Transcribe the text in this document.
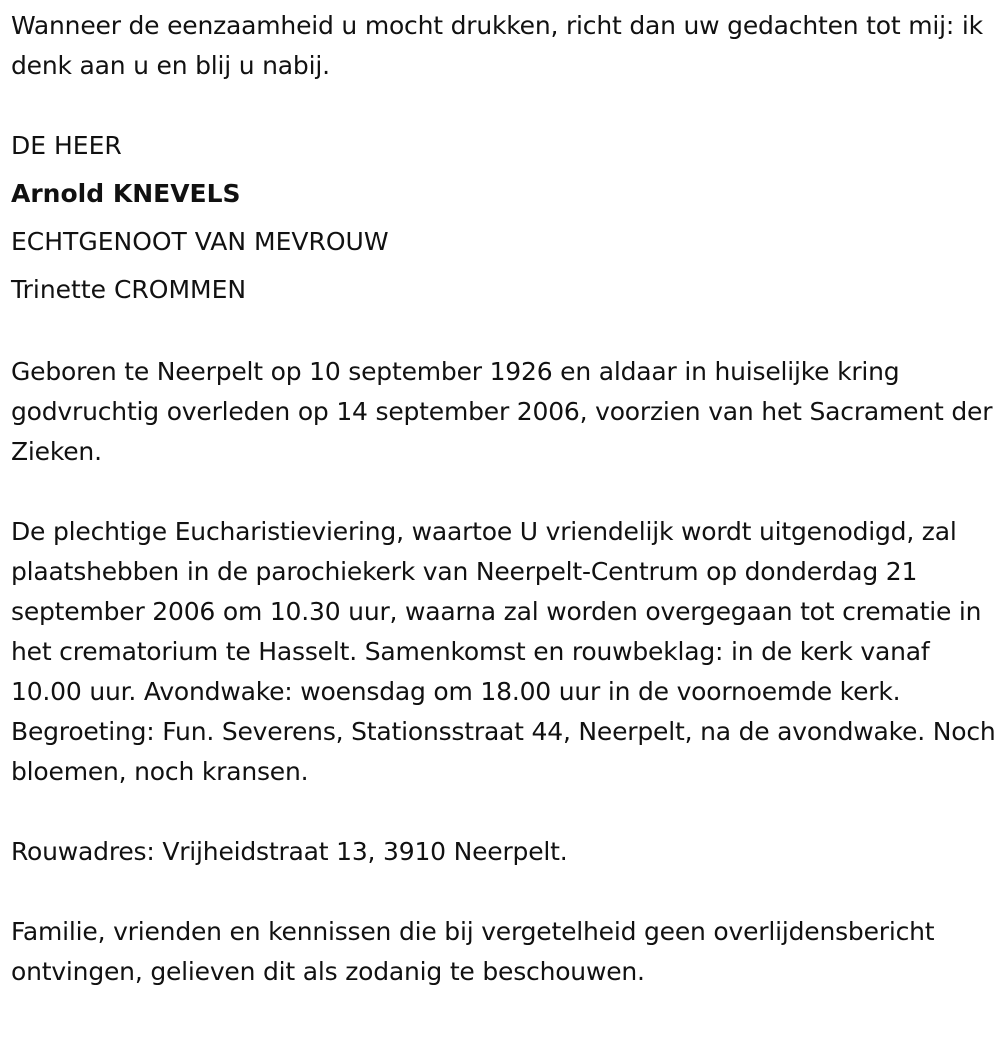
Wanneer de eenzaamheid u mocht drukken, richt dan uw gedachten tot mij: ik denk aan u en blij u nabij.

DE HEER

Arnold KNEVELS

ECHTGENOOT VAN MEVROUW

Trinette CROMMEN

Geboren te Neerpelt op 10 september 1926 en aldaar in huiselijke kring godvruchtig overleden op 14 september 2006, voorzien van het Sacrament der Zieken.

De plechtige Eucharistieviering, waartoe U vriendelijk wordt uitgenodigd, zal plaatshebben in de parochiekerk van Neerpelt-Centrum op donderdag 21 september 2006 om 10.30 uur, waarna zal worden overgegaan tot crematie in het crematorium te Hasselt. Samenkomst en rouwbeklag: in de kerk vanaf 10.00 uur. Avondwake: woensdag om 18.00 uur in de voornoemde kerk. Begroeting: Fun. Severens, Stationsstraat 44, Neerpelt, na de avondwake. Noch bloemen, noch kransen.

Rouwadres: Vrijheidstraat 13, 3910 Neerpelt.

Familie, vrienden en kennissen die bij vergetelheid geen overlijdensbericht ontvingen, gelieven dit als zodanig te beschouwen.
